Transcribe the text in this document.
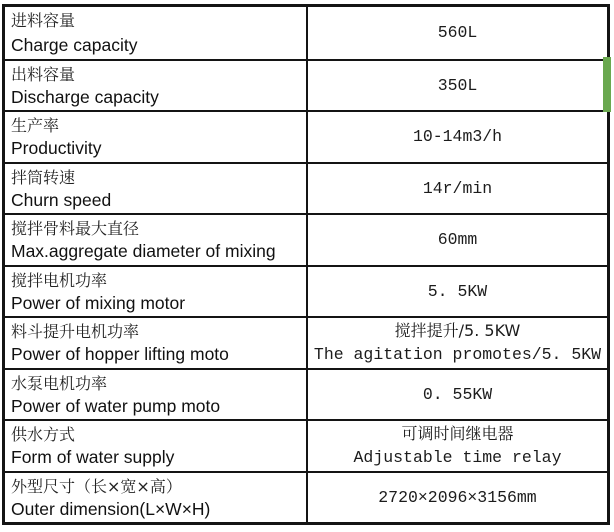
进料容量
Charge capacity
560L
出料容量
Discharge capacity
350L
生产率
Productivity
10-14m3/h
拌筒转速
Churn speed
14r/min
搅拌骨料最大直径
Max.aggregate diameter of mixing
60mm
搅拌电机功率
Power of mixing motor
5. 5KW
料斗提升电机功率
Power of hopper lifting moto
搅拌提升/5. 5KW
The agitation promotes/5. 5KW
水泵电机功率
Power of water pump moto
0. 55KW
供水方式
Form of water supply
可调时间继电器
Adjustable time relay
外型尺寸（长×宽×高）
Outer dimension(L×W×H)
2720×2096×3156mm
